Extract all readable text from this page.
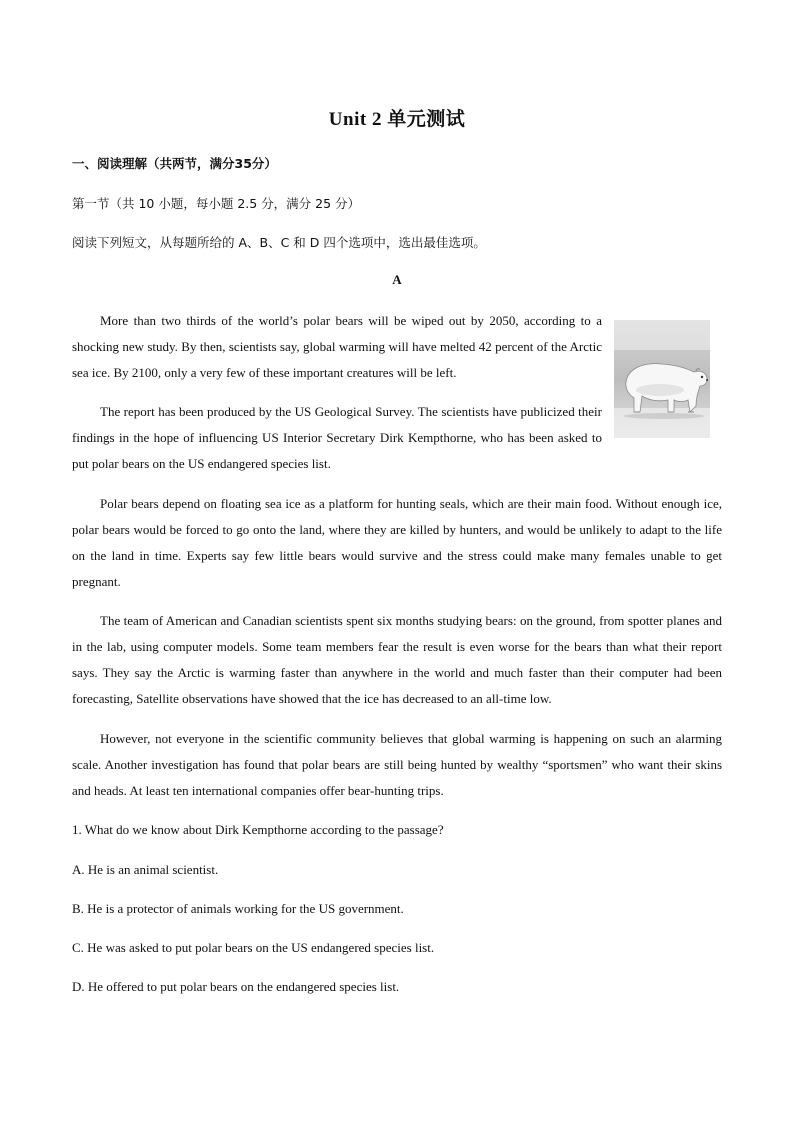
Unit 2 单元测试
一、阅读理解（共两节，满分35分）
第一节（共 10 小题，每小题 2.5 分，满分 25 分）
阅读下列短文，从每题所给的 A、B、C 和 D 四个选项中，选出最佳选项。
A

More than two thirds of the world’s polar bears will be wiped out by 2050, according to a shocking new study. By then, scientists say, global warming will have melted 42 percent of the Arctic sea ice. By 2100, only a very few of these important creatures will be left.

The report has been produced by the US Geological Survey. The scientists have publicized their findings in the hope of influencing US Interior Secretary Dirk Kempthorne, who has been asked to put polar bears on the US endangered species list.

Polar bears depend on floating sea ice as a platform for hunting seals, which are their main food. Without enough ice, polar bears would be forced to go onto the land, where they are killed by hunters, and would be unlikely to adapt to the life on the land in time. Experts say few little bears would survive and the stress could make many females unable to get pregnant.

The team of American and Canadian scientists spent six months studying bears: on the ground, from spotter planes and in the lab, using computer models. Some team members fear the result is even worse for the bears than what their report says. They say the Arctic is warming faster than anywhere in the world and much faster than their computer had been forecasting, Satellite observations have showed that the ice has decreased to an all-time low.

However, not everyone in the scientific community believes that global warming is happening on such an alarming scale. Another investigation has found that polar bears are still being hunted by wealthy “sportsmen” who want their skins and heads. At least ten international companies offer bear-hunting trips.

1. What do we know about Dirk Kempthorne according to the passage?
A. He is an animal scientist.
B. He is a protector of animals working for the US government.
C. He was asked to put polar bears on the US endangered species list.
D. He offered to put polar bears on the endangered species list.
